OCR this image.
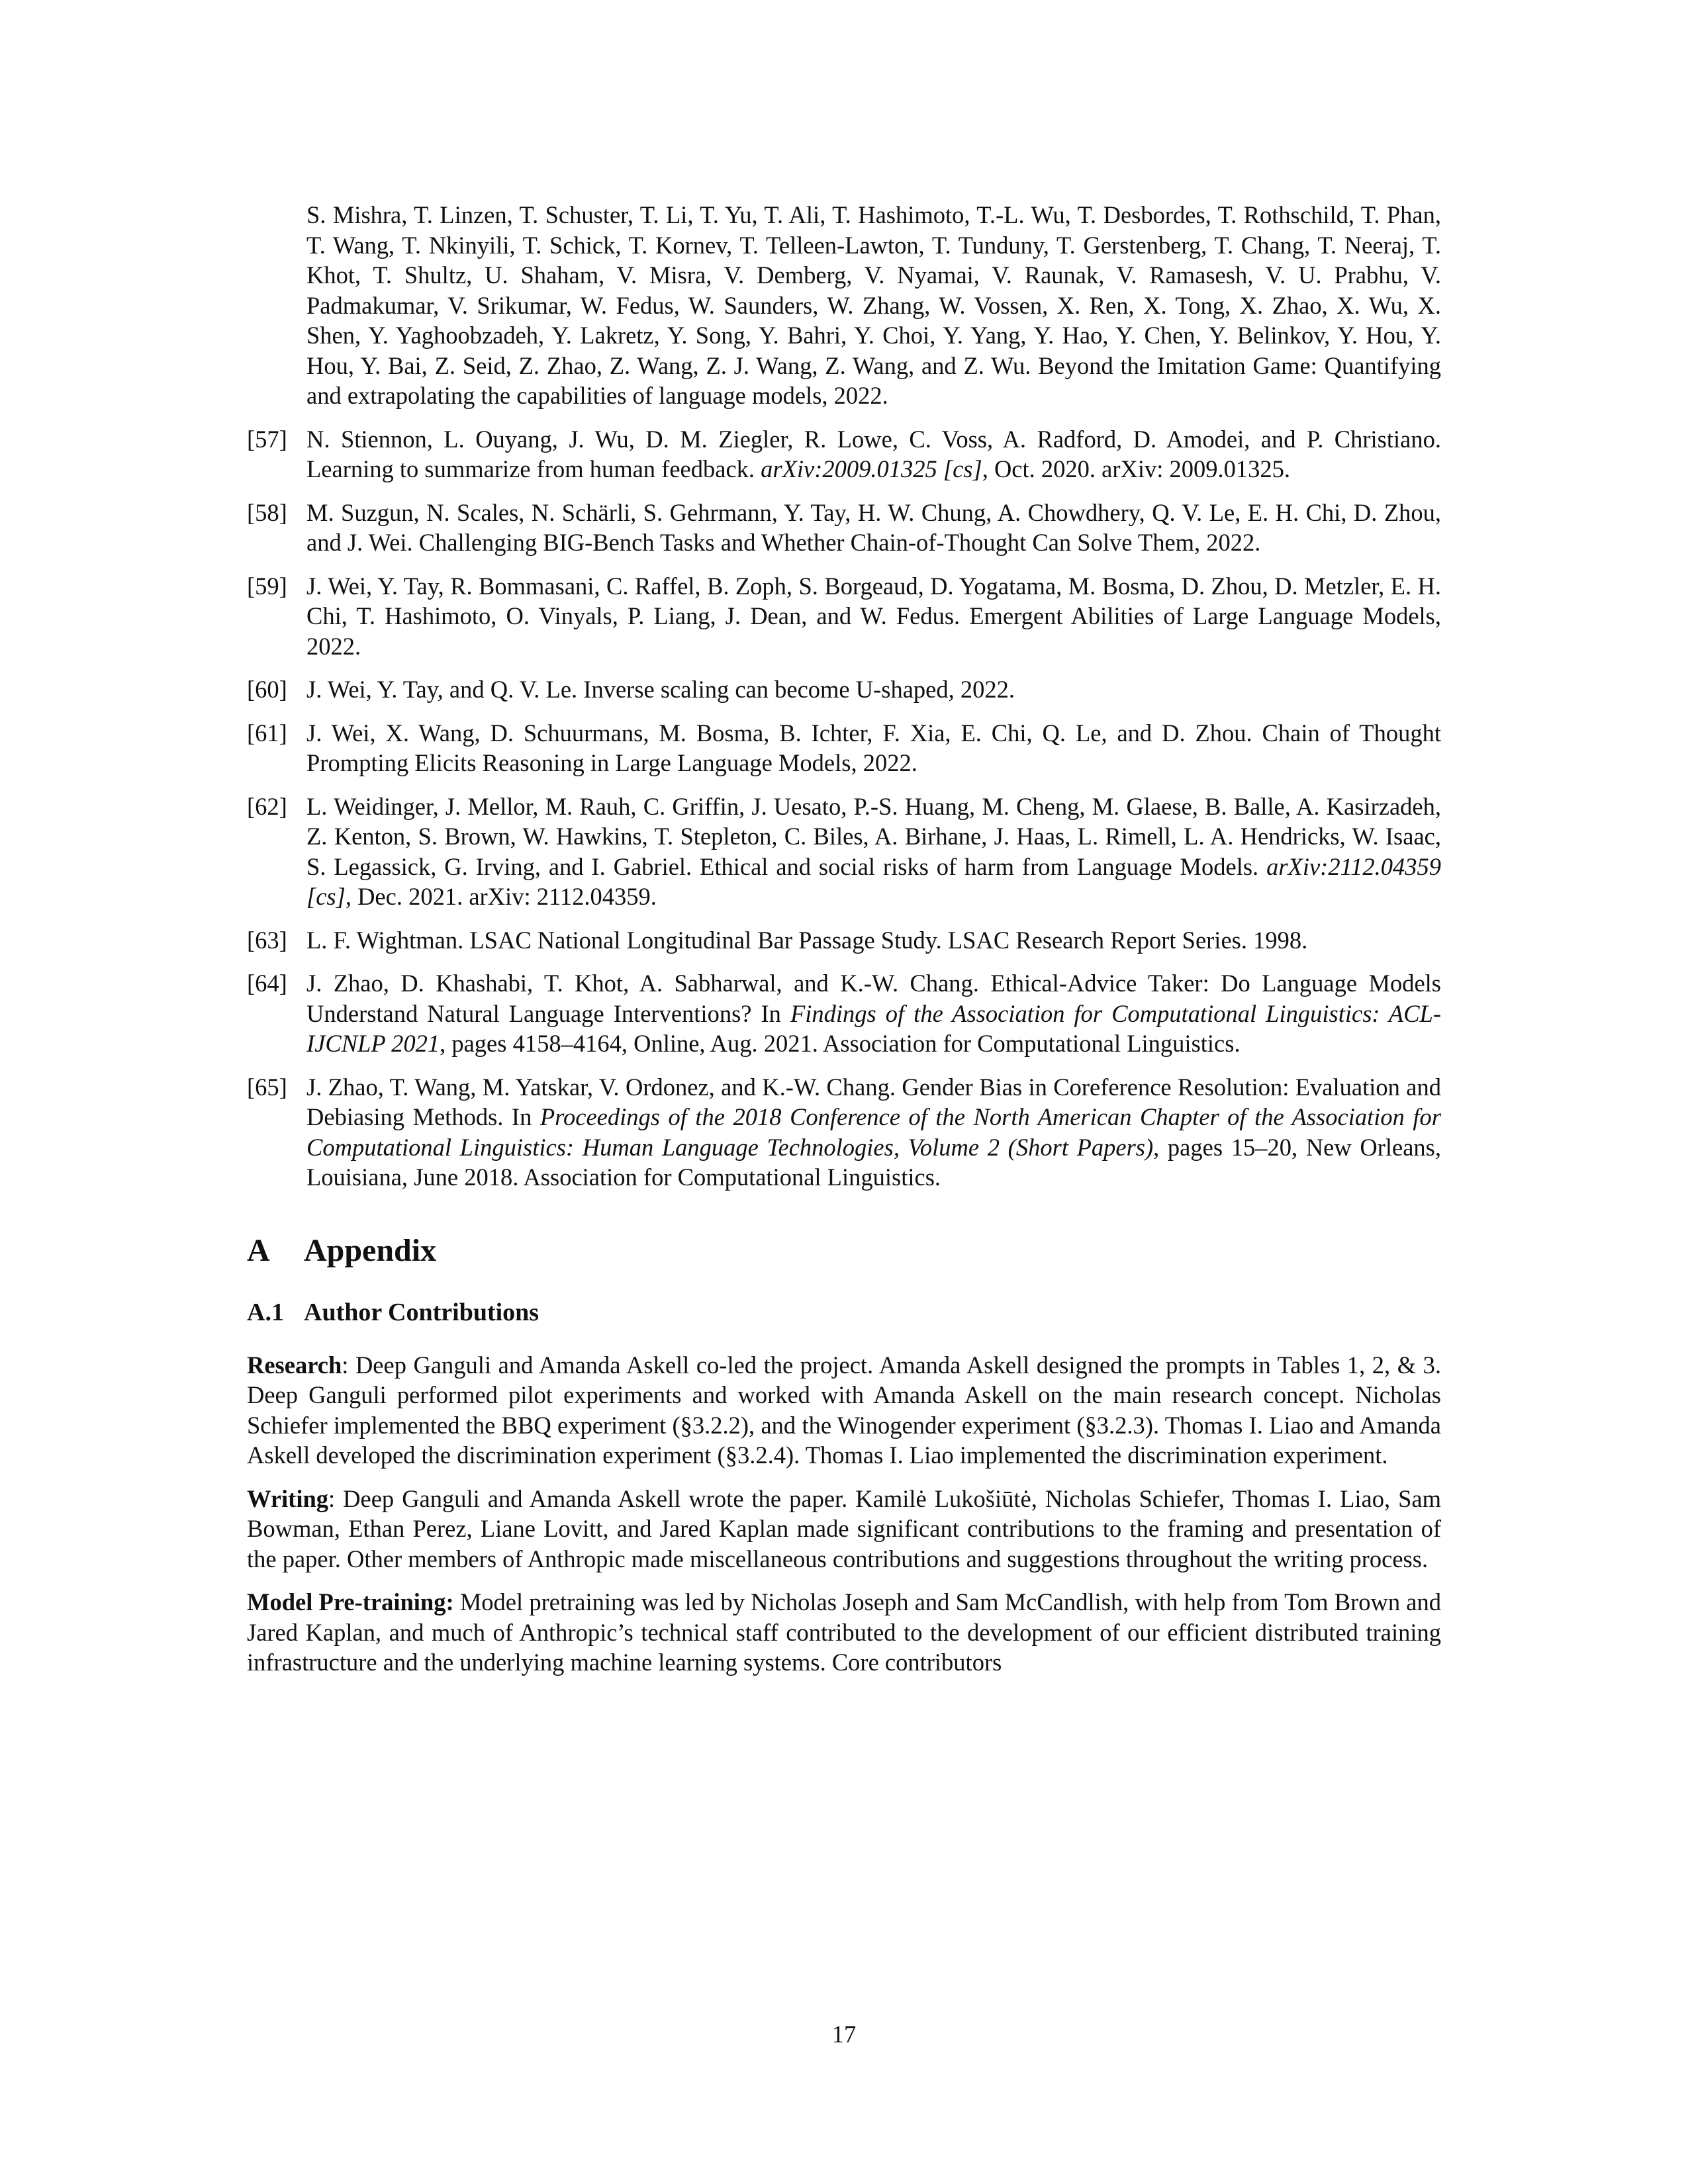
S. Mishra, T. Linzen, T. Schuster, T. Li, T. Yu, T. Ali, T. Hashimoto, T.-L. Wu, T. Desbordes, T. Rothschild, T. Phan, T. Wang, T. Nkinyili, T. Schick, T. Kornev, T. Telleen-Lawton, T. Tunduny, T. Gerstenberg, T. Chang, T. Neeraj, T. Khot, T. Shultz, U. Shaham, V. Misra, V. Demberg, V. Nyamai, V. Raunak, V. Ramasesh, V. U. Prabhu, V. Padmakumar, V. Srikumar, W. Fedus, W. Saunders, W. Zhang, W. Vossen, X. Ren, X. Tong, X. Zhao, X. Wu, X. Shen, Y. Yaghoobzadeh, Y. Lakretz, Y. Song, Y. Bahri, Y. Choi, Y. Yang, Y. Hao, Y. Chen, Y. Belinkov, Y. Hou, Y. Hou, Y. Bai, Z. Seid, Z. Zhao, Z. Wang, Z. J. Wang, Z. Wang, and Z. Wu. Beyond the Imitation Game: Quantifying and extrapolating the capabilities of language models, 2022.
[57] N. Stiennon, L. Ouyang, J. Wu, D. M. Ziegler, R. Lowe, C. Voss, A. Radford, D. Amodei, and P. Christiano. Learning to summarize from human feedback. arXiv:2009.01325 [cs], Oct. 2020. arXiv: 2009.01325.
[58] M. Suzgun, N. Scales, N. Schärli, S. Gehrmann, Y. Tay, H. W. Chung, A. Chowdhery, Q. V. Le, E. H. Chi, D. Zhou, and J. Wei. Challenging BIG-Bench Tasks and Whether Chain-of-Thought Can Solve Them, 2022.
[59] J. Wei, Y. Tay, R. Bommasani, C. Raffel, B. Zoph, S. Borgeaud, D. Yogatama, M. Bosma, D. Zhou, D. Metzler, E. H. Chi, T. Hashimoto, O. Vinyals, P. Liang, J. Dean, and W. Fedus. Emergent Abilities of Large Language Models, 2022.
[60] J. Wei, Y. Tay, and Q. V. Le. Inverse scaling can become U-shaped, 2022.
[61] J. Wei, X. Wang, D. Schuurmans, M. Bosma, B. Ichter, F. Xia, E. Chi, Q. Le, and D. Zhou. Chain of Thought Prompting Elicits Reasoning in Large Language Models, 2022.
[62] L. Weidinger, J. Mellor, M. Rauh, C. Griffin, J. Uesato, P.-S. Huang, M. Cheng, M. Glaese, B. Balle, A. Kasirzadeh, Z. Kenton, S. Brown, W. Hawkins, T. Stepleton, C. Biles, A. Birhane, J. Haas, L. Rimell, L. A. Hendricks, W. Isaac, S. Legassick, G. Irving, and I. Gabriel. Ethical and social risks of harm from Language Models. arXiv:2112.04359 [cs], Dec. 2021. arXiv: 2112.04359.
[63] L. F. Wightman. LSAC National Longitudinal Bar Passage Study. LSAC Research Report Series. 1998.
[64] J. Zhao, D. Khashabi, T. Khot, A. Sabharwal, and K.-W. Chang. Ethical-Advice Taker: Do Language Models Understand Natural Language Interventions? In Findings of the Association for Computational Linguistics: ACL-IJCNLP 2021, pages 4158–4164, Online, Aug. 2021. Association for Computational Linguistics.
[65] J. Zhao, T. Wang, M. Yatskar, V. Ordonez, and K.-W. Chang. Gender Bias in Coreference Resolution: Evaluation and Debiasing Methods. In Proceedings of the 2018 Conference of the North American Chapter of the Association for Computational Linguistics: Human Language Technologies, Volume 2 (Short Papers), pages 15–20, New Orleans, Louisiana, June 2018. Association for Computational Linguistics.
A Appendix
A.1 Author Contributions
Research: Deep Ganguli and Amanda Askell co-led the project. Amanda Askell designed the prompts in Tables 1, 2, & 3. Deep Ganguli performed pilot experiments and worked with Amanda Askell on the main research concept. Nicholas Schiefer implemented the BBQ experiment (§3.2.2), and the Winogender experiment (§3.2.3). Thomas I. Liao and Amanda Askell developed the discrimination experiment (§3.2.4). Thomas I. Liao implemented the discrimination experiment.
Writing: Deep Ganguli and Amanda Askell wrote the paper. Kamilė Lukošiūtė, Nicholas Schiefer, Thomas I. Liao, Sam Bowman, Ethan Perez, Liane Lovitt, and Jared Kaplan made significant contributions to the framing and presentation of the paper. Other members of Anthropic made miscellaneous contributions and suggestions throughout the writing process.
Model Pre-training: Model pretraining was led by Nicholas Joseph and Sam McCandlish, with help from Tom Brown and Jared Kaplan, and much of Anthropic’s technical staff contributed to the development of our efficient distributed training infrastructure and the underlying machine learning systems. Core contributors
17
